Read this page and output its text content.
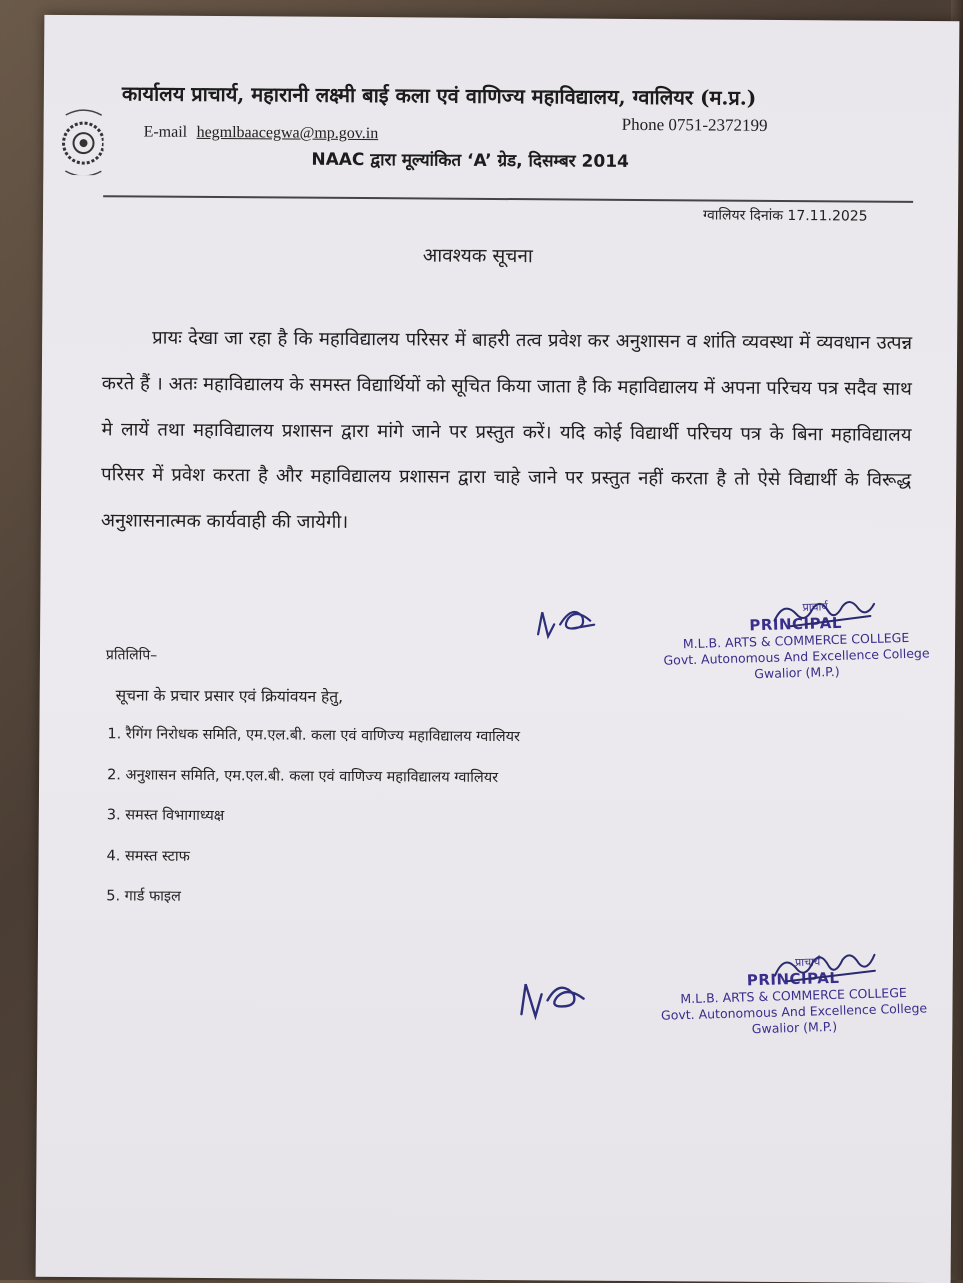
कार्यालय प्राचार्य, महारानी लक्ष्मी बाई कला एवं वाणिज्य महाविद्यालय, ग्वालियर (म.प्र.)
E-mail hegmlbaacegwa@mp.gov.in	Phone 0751-2372199
NAAC द्वारा मूल्यांकित ‘A’ ग्रेड, दिसम्बर 2014
ग्वालियर दिनांक 17.11.2025
आवश्यक सूचना
प्रायः देखा जा रहा है कि महाविद्यालय परिसर में बाहरी तत्व प्रवेश कर अनुशासन व शांति व्यवस्था में व्यवधान उत्पन्न करते हैं । अतः महाविद्यालय के समस्त विद्यार्थियों को सूचित किया जाता है कि महाविद्यालय में अपना परिचय पत्र सदैव साथ मे लायें तथा महाविद्यालय प्रशासन द्वारा मांगे जाने पर प्रस्तुत करें। यदि कोई विद्यार्थी परिचय पत्र के बिना महाविद्यालय परिसर में प्रवेश करता है और महाविद्यालय प्रशासन द्वारा चाहे जाने पर प्रस्तुत नहीं करता है तो ऐसे विद्यार्थी के विरूद्ध अनुशासनात्मक कार्यवाही की जायेगी।
प्राचार्य
PRINCIPAL
M.L.B. ARTS & COMMERCE COLLEGE
Govt. Autonomous And Excellence College
Gwalior (M.P.)
प्रतिलिपि–
सूचना के प्रचार प्रसार एवं क्रियांवयन हेतु,
1. रैगिंग निरोधक समिति, एम.एल.बी. कला एवं वाणिज्य महाविद्यालय ग्वालियर
2. अनुशासन समिति, एम.एल.बी. कला एवं वाणिज्य महाविद्यालय ग्वालियर
3. समस्त विभागाध्यक्ष
4. समस्त स्टाफ
5. गार्ड फाइल
प्राचार्य
PRINCIPAL
M.L.B. ARTS & COMMERCE COLLEGE
Govt. Autonomous And Excellence College
Gwalior (M.P.)
